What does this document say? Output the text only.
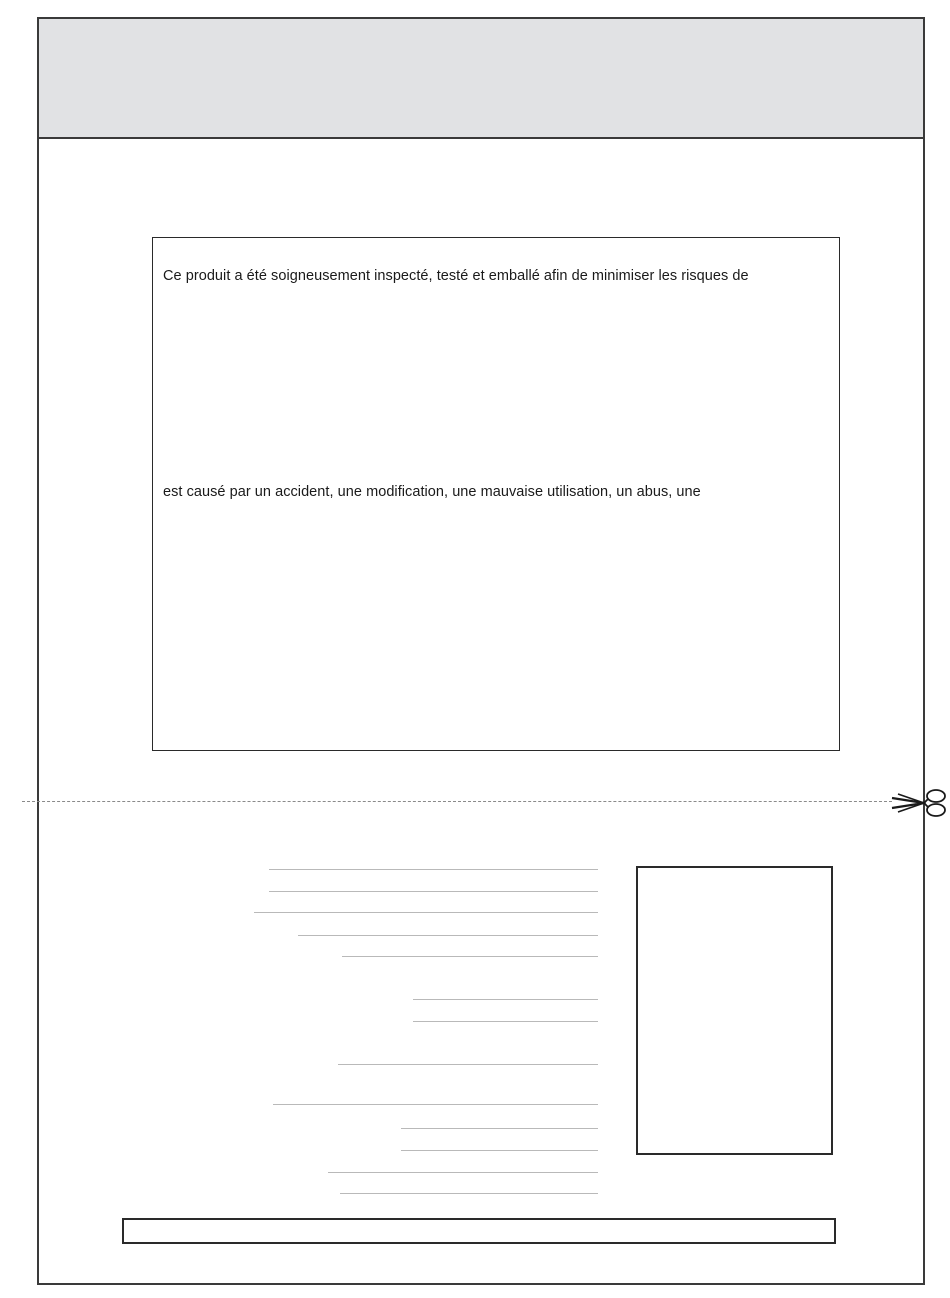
Ce produit a été soigneusement inspecté, testé et emballé afin de minimiser les risques de
est causé par un accident, une modification, une mauvaise utilisation, un abus, une
